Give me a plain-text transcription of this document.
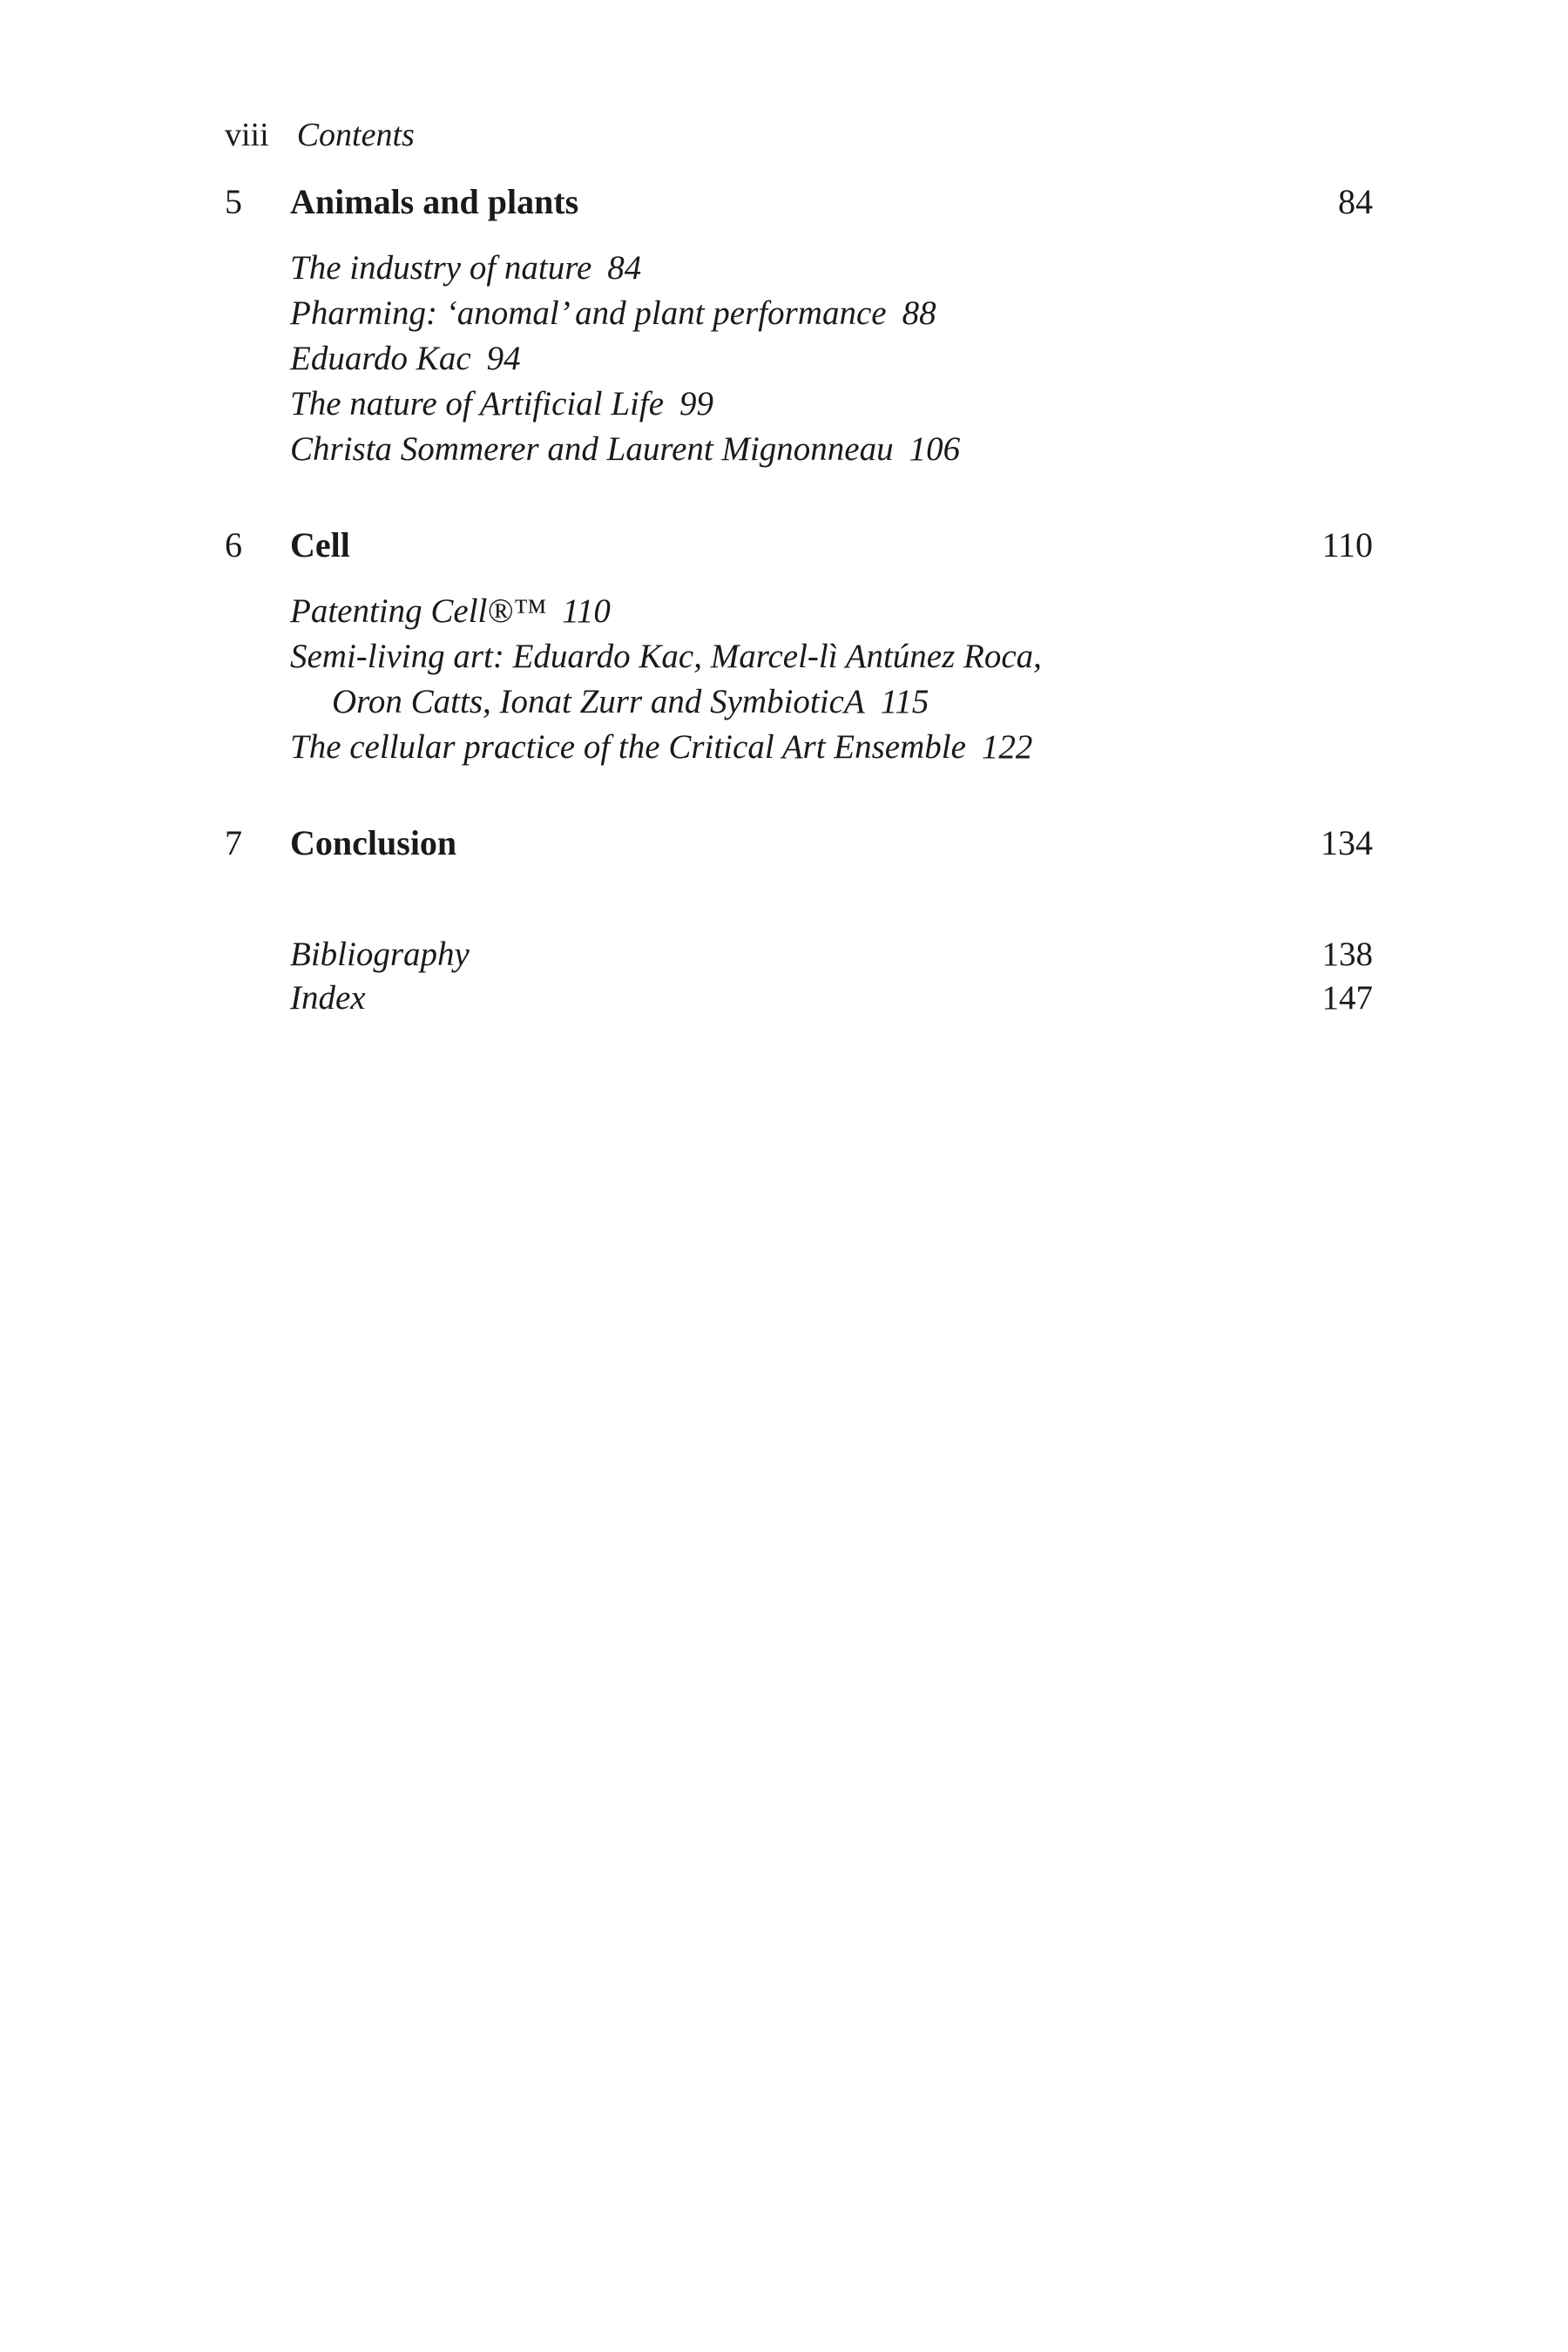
viii Contents
5 Animals and plants	84
The industry of nature 84
Pharming: ‘anomal’ and plant performance 88
Eduardo Kac 94
The nature of Artificial Life 99
Christa Sommerer and Laurent Mignonneau 106
6 Cell	110
Patenting Cell®™ 110
Semi-living art: Eduardo Kac, Marcel-lì Antúnez Roca,
Oron Catts, Ionat Zurr and SymbioticA 115
The cellular practice of the Critical Art Ensemble 122
7 Conclusion	134
Bibliography	138
Index	147
